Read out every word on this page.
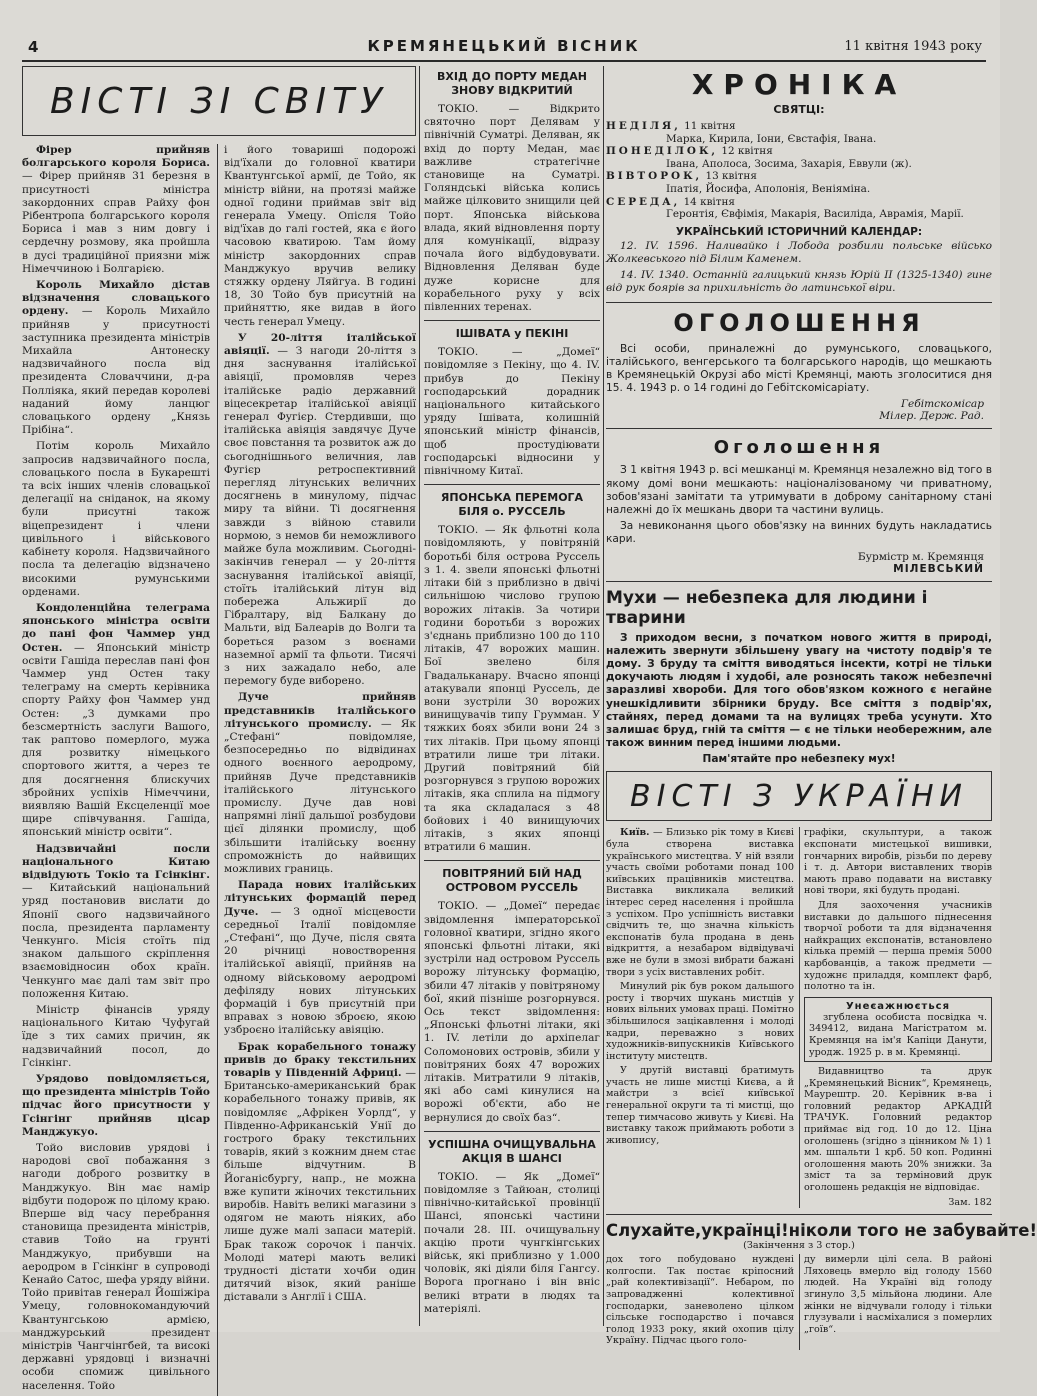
4	КРЕМЯНЕЦЬКИЙ ВІСНИК	11 квітня 1943 року
ВІСТІ ЗІ СВІТУ

Фірер прийняв болгарського короля Бориса. — Фірер прийняв 31 березня в присутності міністра закордонних справ Райху фон Рібентропа болгарського короля Бориса і мав з ним довгу і сердечну розмову, яка пройшла в дусі традиційної приязни між Німеччиною і Болгарією.

Король Михайло дістав відзначення словацького ордену. — Король Михайло прийняв у присутності заступника президента міністрів Михайла Антонеску надзвичайного посла від президента Словаччини, д-ра Полліяка, який передав королеві наданий йому ланцюг словацького ордену „Князь Прібіна“.

Потім король Михайло запросив надзвичайного посла, словацького посла в Букарешті та всіх інших членів словацької делегації на сніданок, на якому були присутні також віцепрезидент і члени цивільного і військового кабінету короля. Надзвичайного посла та делегацію відзначено високими румунськими орденами.

Кондоленційна телеграма японського міністра освіти до пані фон Чаммер унд Остен. — Японський міністр освіти Гашіда переслав пані фон Чаммер унд Остен таку телеграму на смерть керівника спорту Райху фон Чаммер унд Остен: „З думками про безсмертність заслуги Вашого, так раптово померлого, мужа для розвитку німецького спортового життя, а через те для досягнення блискучих збройних успіхів Німеччини, виявляю Вашій Ексцеленції мое щире співчування. Гашіда, японський міністр освіти“.

Надзвичайні посли національного Китаю відвідують Токіо та Гсінкінг. — Китайський національний уряд постановив вислати до Японії свого надзвичайного посла, президента парламенту Ченкунго. Місія стоїть під знаком дальшого скріплення взаємовідносин обох країн. Ченкунго має далі там звіт про положення Китаю.

Міністр фінансів уряду національного Китаю Чуфугай їде з тих самих причин, як надзвичайний посол, до Гсінкінг.

Урядово повідомляється, що президента міністрів Тойо підчас його присутности у Гсінгінг прийняв цісар Манджукуо.

Тойо висловив урядові і народові свої побажання з нагоди доброго розвитку в Манджукуо. Він має намір відбути подорож по цілому краю. Вперше від часу перебрання становища президента міністрів, ставив Тойо на грунті Манджукуо, прибувши на аеродром в Гсінкінг в супроводі Кенайо Сатос, шефа уряду війни. Тойо привітав генерал Йошіжіра Умецу, головнокомандуючий Квантунгською армією, манджурський президент міністрів Чангчінгбей, та високі державні урядовці і визначні особи спомиж цивільного населення. Тойо

і його товариші подорожі від'їхали до головної кватири Квантунгської армії, де Тойо, як міністр війни, на протязі майже одної години приймав звіт від генерала Умецу. Опісля Тойо від'їхав до галі гостей, яка є його часовою кватирою. Там йому міністр закордонних справ Манджукуо вручив велику стяжку ордену Ляйгуа. В годині 18, 30 Тойо був присутній на прийняттю, яке видав в його честь генерал Умецу.

У 20-ліття італійської авіяції. — З нагоди 20-ліття з дня заснування італійської авіяції, промовляв через італійське радіо державний віцесекретар італійської авіяції генерал Фугієр. Стердивши, що італійська авіяція завдячує Дуче своє повстання та розвиток аж до сьогоднішнього величния, лав Фугієр ретроспективний перегляд літунських величних досягнень в минулому, підчас миру та війни. Ті досягнення завжди з війною ставили нормою, з немов би неможливого майже була можливим. Сьогодні-закінчив генерал — у 20-ліття заснування італійської авіяції, стоїть італійський літун від побережа Альжирії до Гібралтару, від Балкану до Мальти, від Балеарів до Волги та бореться разом з воєнами наземної армії та фльоти. Тисячі з них зажадало небо, але перемогу буде виборено.

Дуче прийняв представників італійського літунського промислу. — Як „Стефані“ повідомляе, безпосередньо по відвідинах одного воєнного аеродрому, прийняв Дуче представників італійського літунського промислу. Дуче дав нові напрямні лінії дальшої розбудови цієї ділянки промислу, щоб збільшити італійську воєнну спроможність до найвищих можливих границь.

Парада нових італійських літунських формацій перед Дуче. — З одної місцевости середньої Італії повідомляе „Стефані“, що Дуче, після свята 20 річниці новостворення італійської авіяції, прийняв на одному військовому аеродромі дефіляду нових літунських формацій і був присутній при вправах з новою зброєю, якою узброєно італійську авіяцію.

Брак корабельного тонажу привів до браку текстильних товарів у Південній Африці. — Британсько-американський брак корабельного тонажу привів, як повідомляє „Афрікен Уорлд“, у Південно-Африканській Унії до гострого браку текстильних товарів, який з кожним днем стає більше відчутним. В Йоганісбургу, напр., не можна вже купити жіночих текстильних виробів. Навіть великі магазини з одягом не мають ніяких, або лише дуже малі запаси матерій. Брак також сорочок і панчіх. Молоді матері мають великі трудності дістати хочби один дитячий візок, який раніше діставали з Англії і США.

ВХІД ДО ПОРТУ МЕДАН ЗНОВУ ВІДКРИТИЙ

ТОКІО. — Відкрито святочно порт Делявам у північній Суматрі. Деляван, як вхід до порту Медан, має важливе стратегічне становище на Суматрі. Голяндські війська колись майже цілковито знищили цей порт. Японська військова влада, який відновлення порту для комунікації, відразу почала його відбудовувати. Відновлення Деляван буде дуже корисне для корабельного руху у всіх півленних теренах.

ІШІВАТА у ПЕКІНІ

ТОКІО. — „Домеї“ повідомляе з Пекіну, що 4. IV. прибув до Пекіну господарський дорадник національного китайського уряду Ішівата, колишній японський міністр фінансів, щоб простудіювати господарські відносини у північному Китаї.

ЯПОНСЬКА ПЕРЕМОГА БІЛЯ о. РУССЕЛЬ

ТОКІО. — Як фльотні кола повідомляють, у повітряній боротьбі біля острова Руссель з 1. 4. звели японські фльотні літаки бій з приблизно в двічі сильнішою числово групою ворожих літаків. За чотири години боротьби з ворожих з'єднань приблизно 100 до 110 літаків, 47 ворожих машин. Бої звелено біля Гвадальканару. Вчасно японці атакували японці Руссель, де вони зустріли 30 ворожих винищувачів типу Грумман. У тяжких боях збили вони 24 з тих літаків. При цьому японці втратили лише три літаки. Другий повітряний бій розгорнувся з групою ворожих літаків, яка сплила на підмогу та яка складалася з 48 бойових і 40 винищуючих літаків, з яких японці втратили 6 машин.

ПОВІТРЯНИЙ БІЙ НАД ОСТРОВОМ РУССЕЛЬ

ТОКІО. — „Домеї“ передає звідомлення імператорської головної кватири, згідно якого японські фльотні літаки, які зустріли над островом Руссель ворожу літунську формацію, збили 47 літаків у повітряному бої, який пізніше розгорнувся. Ось текст звідомлення: „Японські фльотні літаки, які 1. IV. летіли до архіпелаг Соломонових островів, збили у повітряних боях 47 ворожих літаків. Митратили 9 літаків, які або самі кинулися на ворожі об'єкти, або не вернулися до своїх баз“.

УСПІШНА ОЧИЩУВАЛЬНА АКЦІЯ В ШАНСІ

ТОКІО. — Як „Домеї“ повідомляе з Тайюан, столиці північно-китайської провінції Шансі, японські частини почали 28. III. очищувальну акцію проти чунгкінгських військ, які приблизно у 1.000 чоловік, які діяли біля Гангсу. Ворога прогнано і він вніс великі втрати в людях та матеріялі.

ХРОНІКА
СВЯТЦІ:
НЕДІЛЯ, 11 квітня
Марка, Кирила, Іони, Євстафія, Івана.
ПОНЕДІЛОК, 12 квітня
Івана, Аполоса, Зосима, Захарія, Еввули (ж).
ВІВТОРОК, 13 квітня
Іпатія, Йосифа, Аполонія, Веніяміна.
СЕРЕДА, 14 квітня
Геронтія, Євфімія, Макарія, Василіда, Аврамія, Марії.
УКРАЇНСЬКИЙ ІСТОРИЧНИЙ КАЛЕНДАР:

12. IV. 1596. Наливайко і Лобода розбили польське військо Жолкевського під Білим Каменем.

14. IV. 1340. Останній галицький князь Юрій II (1325-1340) гине від рук боярів за прихильність до латинської віри.

ОГОЛОШЕННЯ

Всі особи, приналежні до румунського, словацького, італійського, венгерського та болгарського народів, що мешкають в Кремянецькій Окрузі або місті Кремянці, мають зголоситися дня 15. 4. 1943 р. о 14 годині до Гебітскомісаріату.

Гебітскомісар
Мілер. Держ. Рад.
Оголошення

З 1 квітня 1943 р. всі мешканці м. Кремянця незалежно від того в якому домі вони мешкають: націоналізованому чи приватному, зобов'язані замітати та утримувати в доброму санітарному стані належні до їх мешкань двори та частини вулиць.

За невиконання цього обов'язку на винних будуть накладатись кари.

Бурмістр м. Кремянця
МІЛЕВСЬКИЙ
Мухи — небезпека для людини і тварини

З приходом весни, з початком нового життя в природі, належить звернути збільшену увагу на чистоту подвір'я те дому. З бруду та сміття виводяться інсекти, котрі не тільки докучають людям і худобі, але розносять також небезпечні заразливі хвороби. Для того обов'язком кожного є негайне унешкідливити збірники бруду. Все сміття з подвір'ях, стайнях, перед домами та на вулицях треба усунути. Хто залишає бруд, гній та сміття — є не тільки необережним, але також винним перед іншими людьми.

Пам'ятайте про небезпеку мух!
ВІСТІ З УКРАЇНИ

Київ. — Близько рік тому в Києві була створена виставка українського мистецтва. У ній взяли участь своїми роботами понад 100 київських працівників мистецтва. Виставка викликала великий інтерес серед населення і пройшла з успіхом. Про успішність виставки свідчить те, що значна кількість експонатів була продана в день відкриття, а незабаром відвідувачі вже не були в змозі вибрати бажані твори з усіх виставлених робіт.

Минулий рік був роком дальшого росту і творчих шукань мистців у нових вільних умовах праці. Помітно збільшилося зацікавлення і молоді кадри, переважно з нових художників-випускників Київського інституту мистецтв.

У другій виставці братимуть участь не лише мистці Києва, а й майстри з всієї київської генеральної округи та ті мистці, що тепер тимчасово живуть у Києві. На виставку також приймають роботи з живопису,

графіки, скульптури, а також експонати мистецької вишивки, гончарних виробів, різьби по дереву і т. д. Автори виставлених творів мають право подавати на виставку нові твори, які будуть продані.

Для заохочення учасників виставки до дальшого піднесення творчої роботи та для відзначення найкращих експонатів, встановлено кілька премій — перша премія 5000 карбованців, а також предмети — художнє приладдя, комплект фарб, полотно та ін.

Унеєажнюється

згублена особиста посвідка ч. 349412, видана Магістратом м. Кремянця на ім'я Капіци Данути, уродж. 1925 р. в м. Кремянці.

Видавництво та друк „Кремянецький Вісник“, Кремянець, Маурештр. 20. Керівник в-ва і головний редактор АРКАДІЙ ТРАЧУК. Головний редактор приймає від год. 10 до 12. Ціна оголошень (згідно з цінником № 1) 1 мм. шпальти 1 крб. 50 коп. Родинні оголошення мають 20% знижки. За зміст та за терміновий друк оголошень редакція не відповідає.

Зам. 182
Слухайте,українці!ніколи того не забувайте!
(Закінчення з 3 стор.)

дох того побудовано нуждені колгоспи. Так постає кріпосний „рай колективізації“. Небаром, по запровадженні колективної господарки, заневолено цілком сільське господарство і почався голод 1933 року, який охопив цілу Україну. Підчас цього голо-

ду вимерли цілі села. В районі Ляховець вмерло від голоду 1560 людей. На Україні від голоду згинуло 3,5 мільйона людини. Але жінки не відчували голоду і тільки глузували і насміхалися з померлих „гоїв“.
